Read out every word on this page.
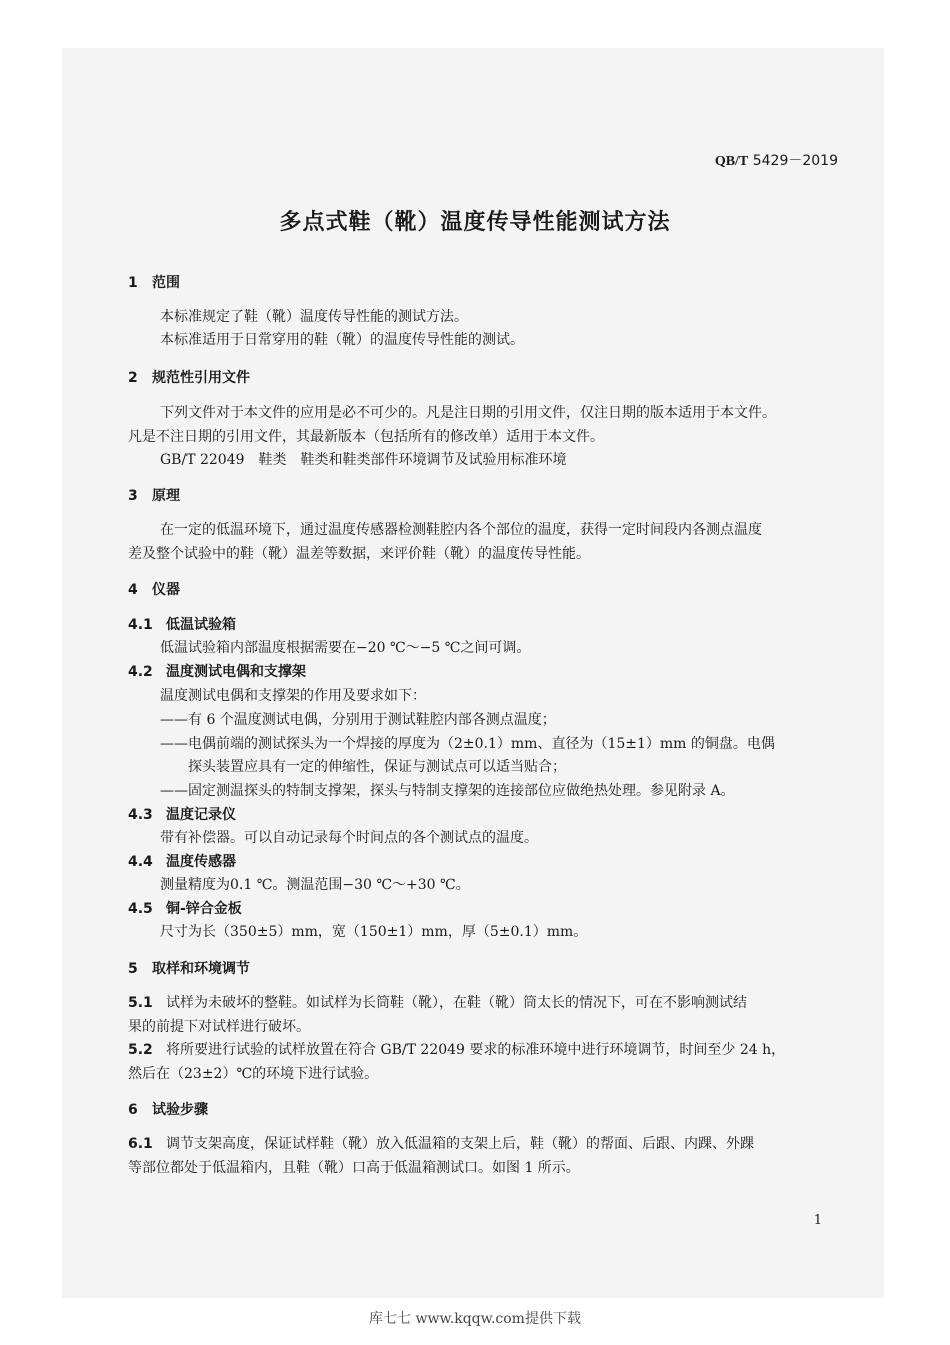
QB/T 5429－2019
多点式鞋（靴）温度传导性能测试方法
1 范围
本标准规定了鞋（靴）温度传导性能的测试方法。
本标准适用于日常穿用的鞋（靴）的温度传导性能的测试。
2 规范性引用文件
下列文件对于本文件的应用是必不可少的。凡是注日期的引用文件，仅注日期的版本适用于本文件。
凡是不注日期的引用文件，其最新版本（包括所有的修改单）适用于本文件。
GB/T 22049　鞋类　鞋类和鞋类部件环境调节及试验用标准环境
3 原理
在一定的低温环境下，通过温度传感器检测鞋腔内各个部位的温度，获得一定时间段内各测点温度
差及整个试验中的鞋（靴）温差等数据，来评价鞋（靴）的温度传导性能。
4 仪器
4.1 低温试验箱
低温试验箱内部温度根据需要在−20 ℃～−5 ℃之间可调。
4.2 温度测试电偶和支撑架
温度测试电偶和支撑架的作用及要求如下：
——有 6 个温度测试电偶，分别用于测试鞋腔内部各测点温度；
——电偶前端的测试探头为一个焊接的厚度为（2±0.1）mm、直径为（15±1）mm 的铜盘。电偶
探头装置应具有一定的伸缩性，保证与测试点可以适当贴合；
——固定测温探头的特制支撑架，探头与特制支撑架的连接部位应做绝热处理。参见附录 A。
4.3 温度记录仪
带有补偿器。可以自动记录每个时间点的各个测试点的温度。
4.4 温度传感器
测量精度为0.1 ℃。测温范围−30 ℃～+30 ℃。
4.5 铜-锌合金板
尺寸为长（350±5）mm，宽（150±1）mm，厚（5±0.1）mm。
5 取样和环境调节
5.1 试样为未破坏的整鞋。如试样为长筒鞋（靴），在鞋（靴）筒太长的情况下，可在不影响测试结
果的前提下对试样进行破坏。
5.2 将所要进行试验的试样放置在符合 GB/T 22049 要求的标准环境中进行环境调节，时间至少 24 h，
然后在（23±2）℃的环境下进行试验。
6 试验步骤
6.1 调节支架高度，保证试样鞋（靴）放入低温箱的支架上后，鞋（靴）的帮面、后跟、内踝、外踝
等部位都处于低温箱内，且鞋（靴）口高于低温箱测试口。如图 1 所示。
1
库七七 www.kqqw.com提供下载
